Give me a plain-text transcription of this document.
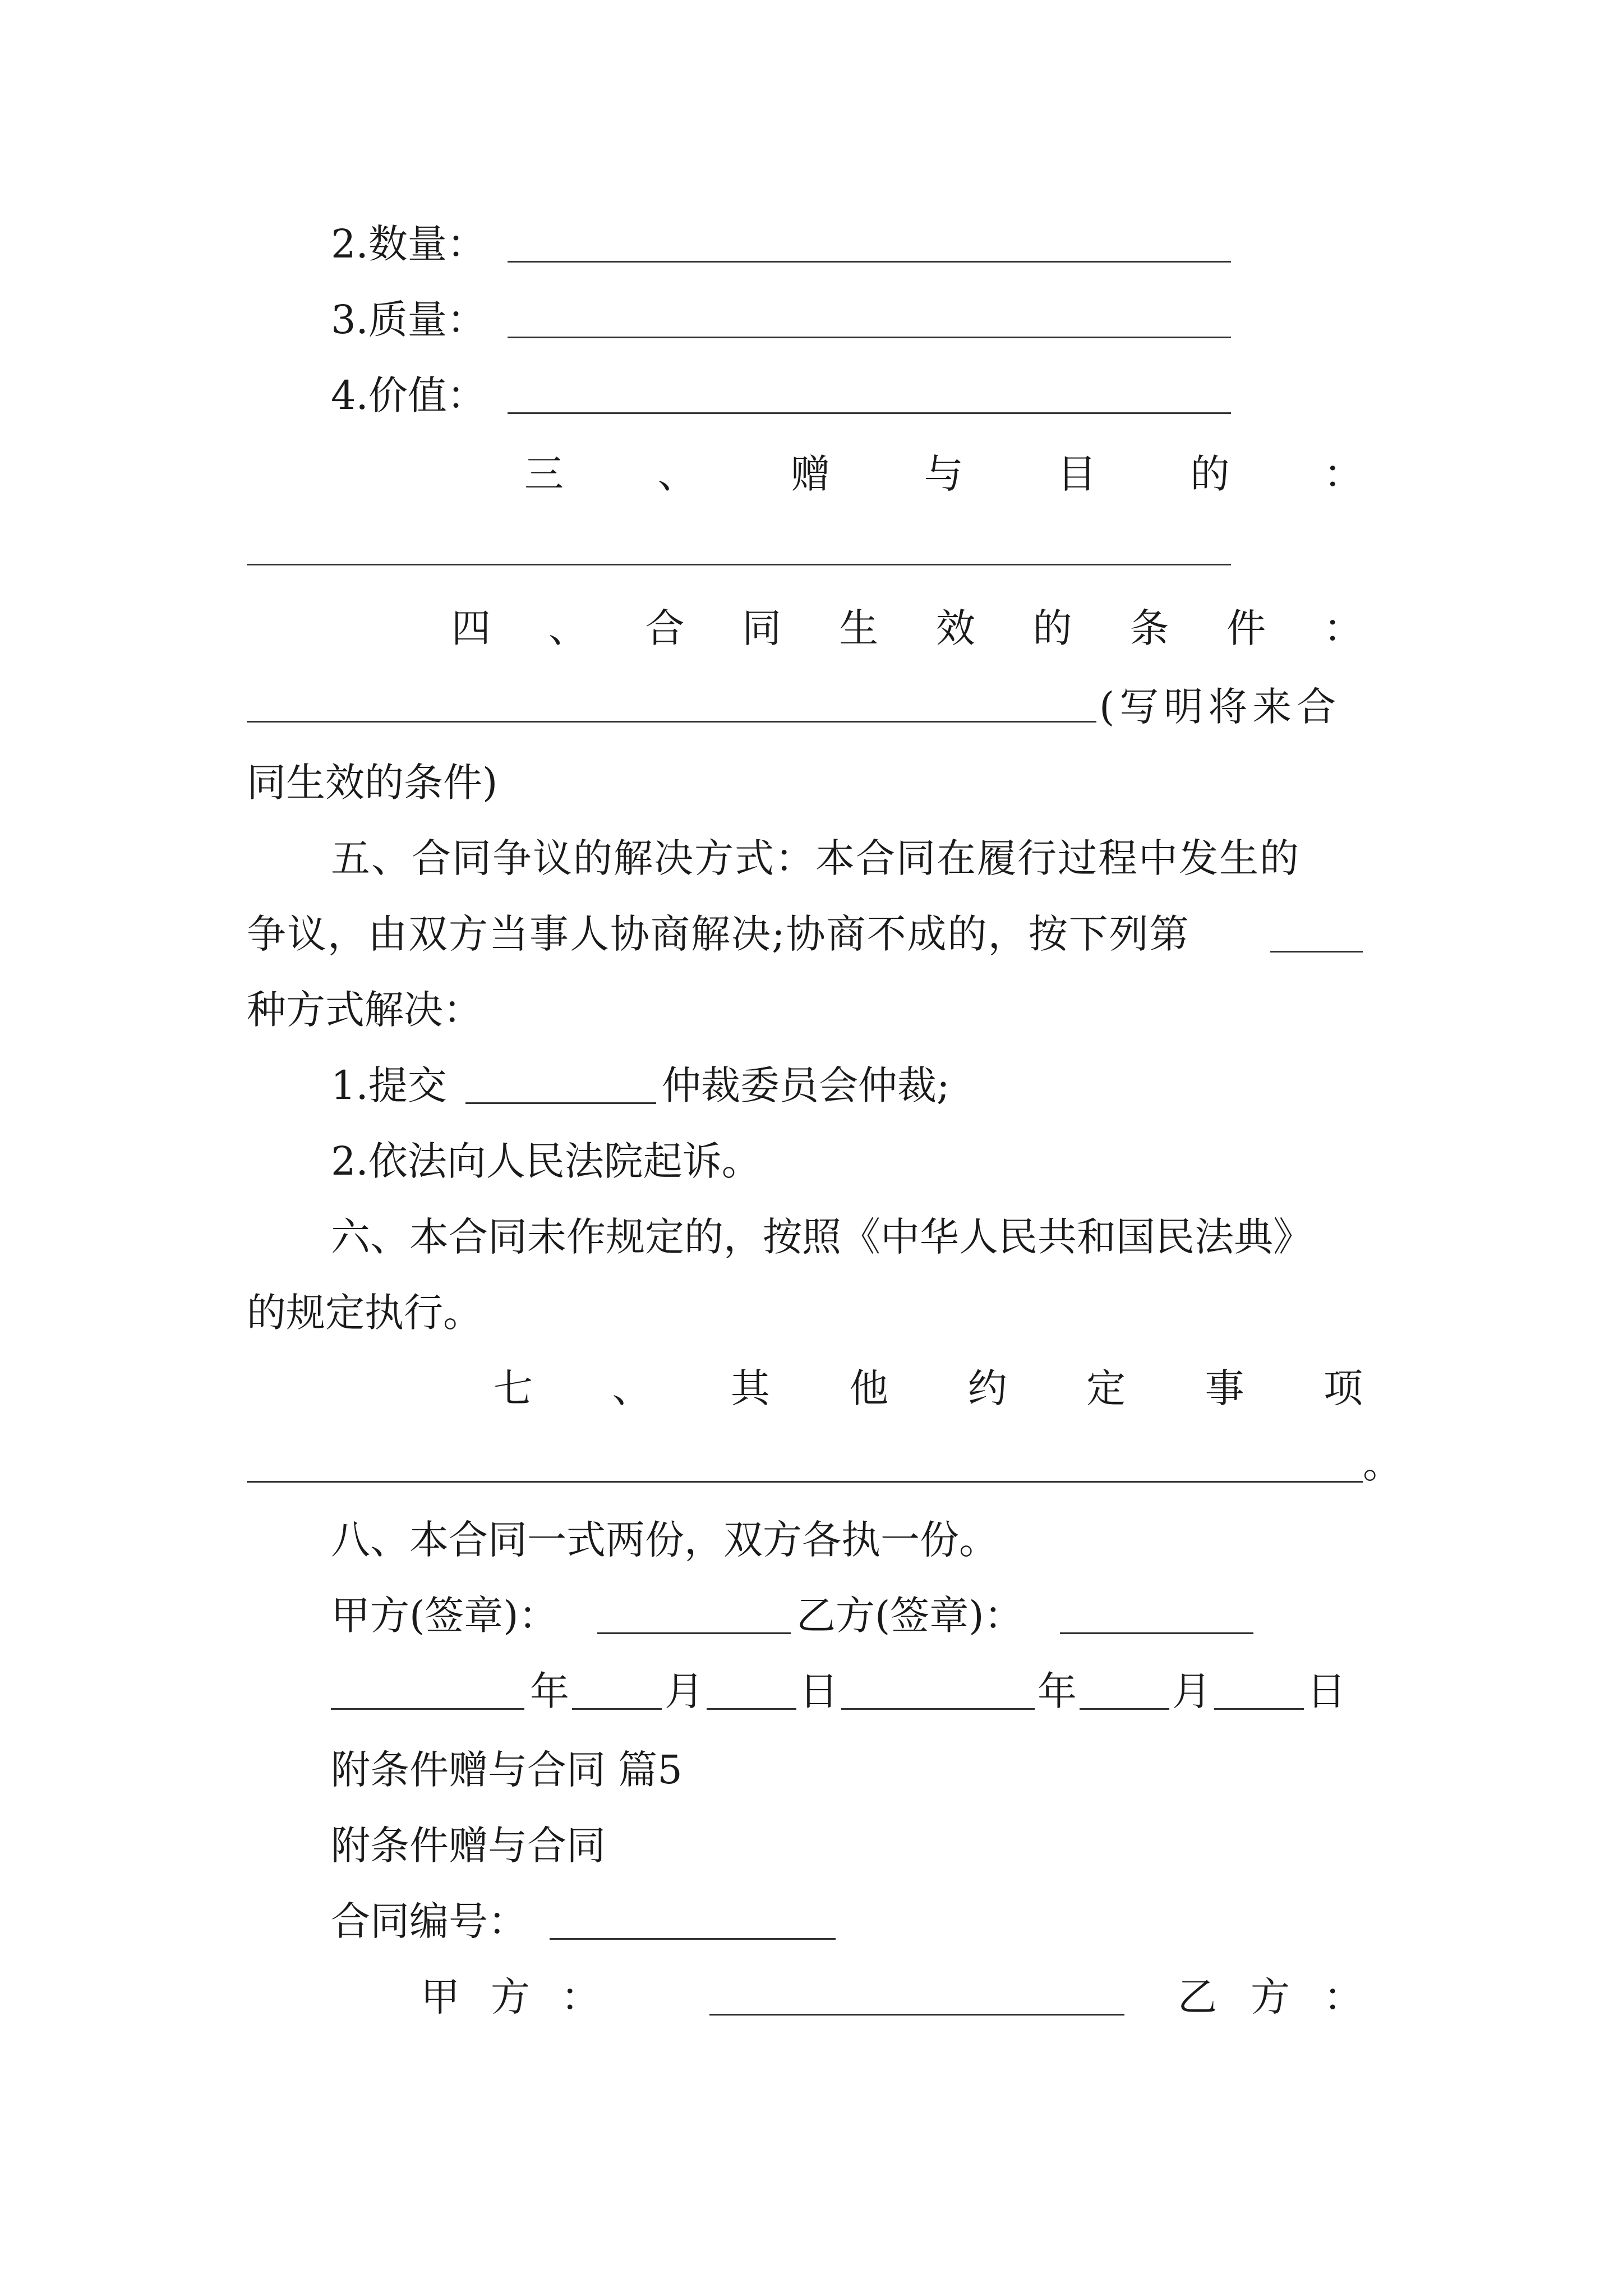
2.数量：
3.质量：
4.价值：
三 、 赠 与 目 的 ：
四 、 合 同 生 效 的 条 件 ：
(写明将来合
同生效的条件)
五、合同争议的解决方式：本合同在履行过程中发生的
争议，由双方当事人协商解决;协商不成的，按下列第
种方式解决：
1.提交	仲裁委员会仲裁;
2.依法向人民法院起诉。
六、本合同未作规定的，按照《中华人民共和国民法典》
的规定执行。
七 、 其 他 约 定 事 项
。
八、本合同一式两份，双方各执一份。
甲方(签章)：	乙方(签章)：
年 月 日	年 月 日
附条件赠与合同 篇5
附条件赠与合同
合同编号：
甲 方 ：	乙 方 ：
